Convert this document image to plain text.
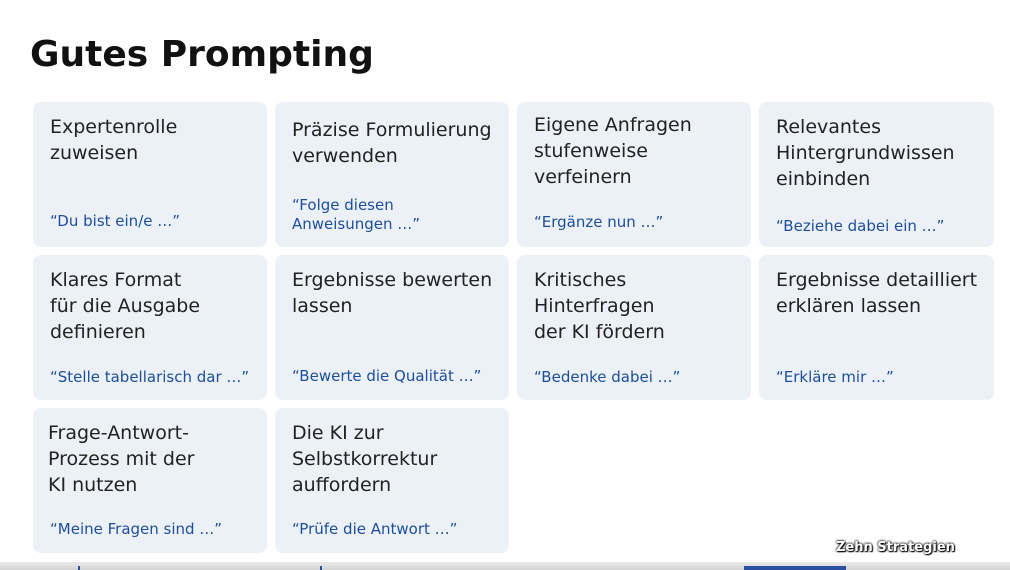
Gutes Prompting
Expertenrolle
zuweisen
“Du bist ein/e …”
Präzise Formulierung
verwenden
“Folge diesen
Anweisungen …”
Eigene Anfragen
stufenweise
verfeinern
“Ergänze nun …”
Relevantes
Hintergrundwissen
einbinden
“Beziehe dabei ein …”
Klares Format
für die Ausgabe
definieren
“Stelle tabellarisch dar …”
Ergebnisse bewerten
lassen
“Bewerte die Qualität …”
Kritisches
Hinterfragen
der KI fördern
“Bedenke dabei …”
Ergebnisse detailliert
erklären lassen
“Erkläre mir …”
Frage-Antwort-
Prozess mit der
KI nutzen
“Meine Fragen sind …”
Die KI zur
Selbstkorrektur
auffordern
“Prüfe die Antwort …”
Zehn Strategien
